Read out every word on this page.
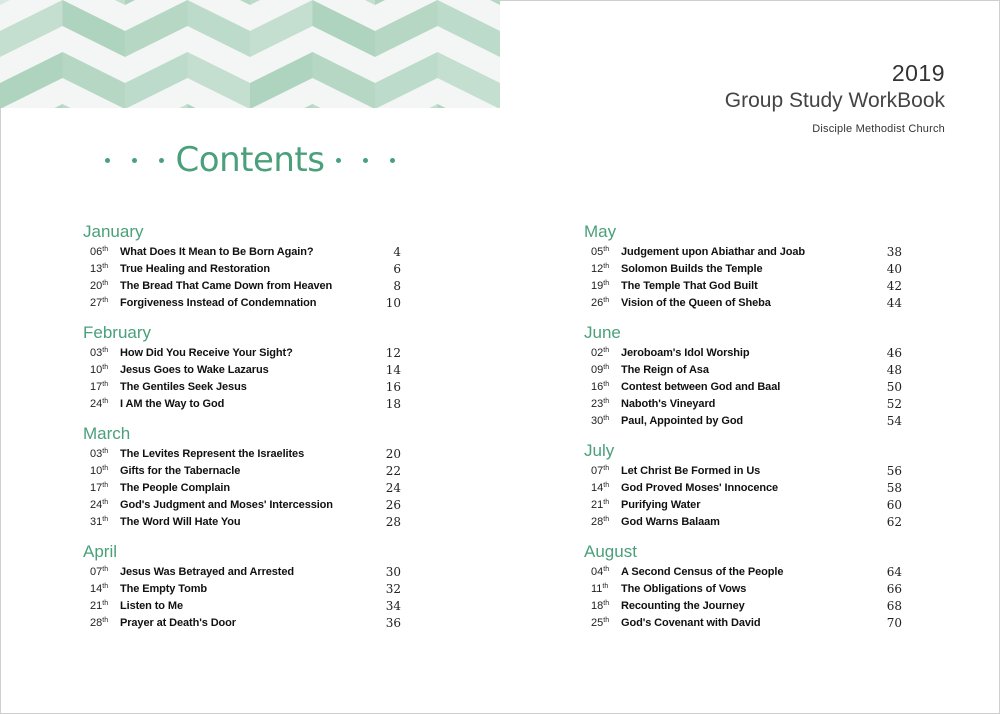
2019
Group Study WorkBook
Disciple Methodist Church
Contents
January
06th	What Does It Mean to Be Born Again?	4
13th	True Healing and Restoration	6
20th	The Bread That Came Down from Heaven	8
27th	Forgiveness Instead of Condemnation	10
February
03th	How Did You Receive Your Sight?	12
10th	Jesus Goes to Wake Lazarus	14
17th	The Gentiles Seek Jesus	16
24th	I AM the Way to God	18
March
03th	The Levites Represent the Israelites	20
10th	Gifts for the Tabernacle	22
17th	The People Complain	24
24th	God's Judgment and Moses' Intercession	26
31th	The Word Will Hate You	28
April
07th	Jesus Was Betrayed and Arrested	30
14th	The Empty Tomb	32
21th	Listen to Me	34
28th	Prayer at Death's Door	36
May
05th	Judgement upon Abiathar and Joab	38
12th	Solomon Builds the Temple	40
19th	The Temple That God Built	42
26th	Vision of the Queen of Sheba	44
June
02th	Jeroboam's Idol Worship	46
09th	The Reign of Asa	48
16th	Contest between God and Baal	50
23th	Naboth's Vineyard	52
30th	Paul, Appointed by God	54
July
07th	Let Christ Be Formed in Us	56
14th	God Proved Moses' Innocence	58
21th	Purifying Water	60
28th	God Warns Balaam	62
August
04th	A Second Census of the People	64
11th	The Obligations of Vows	66
18th	Recounting the Journey	68
25th	God's Covenant with David	70
